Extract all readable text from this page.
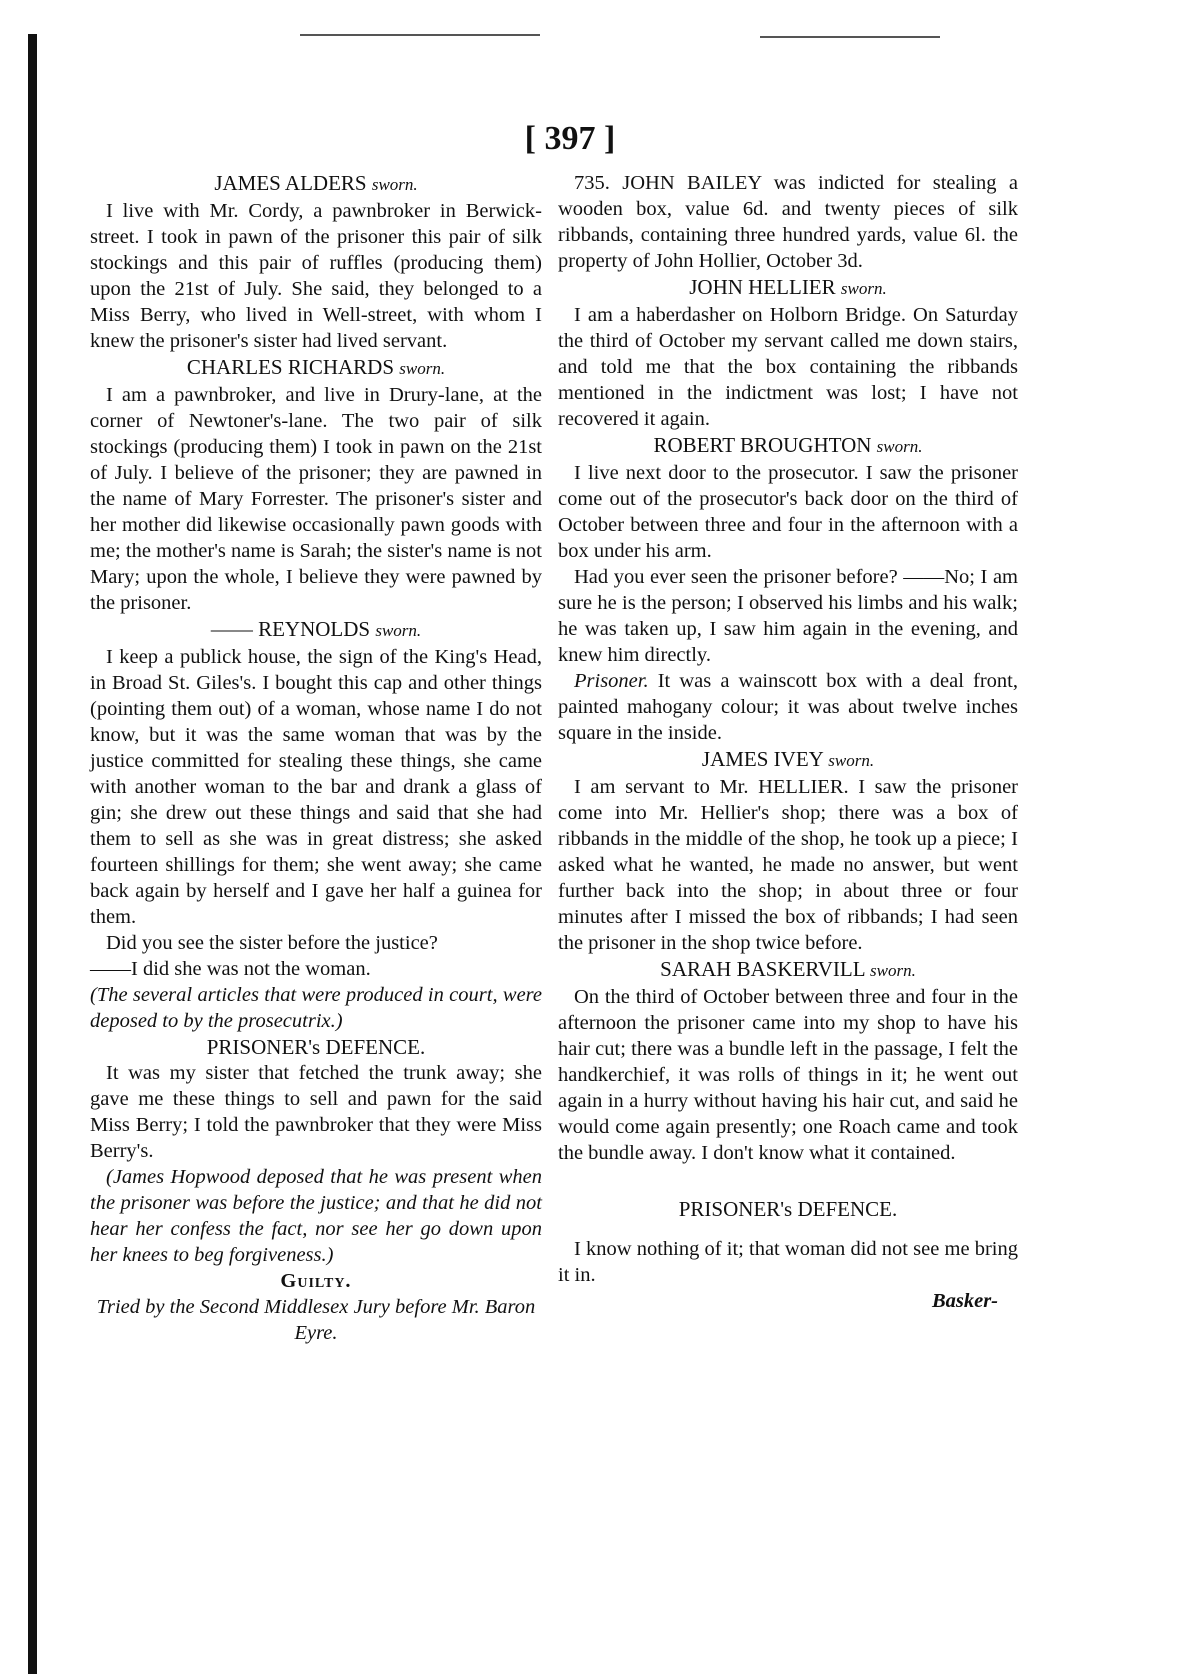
[ 397 ]

JAMES ALDERS sworn.

I live with Mr. Cordy, a pawnbroker in Berwick-street. I took in pawn of the prisoner this pair of silk stockings and this pair of ruffles (producing them) upon the 21st of July. She said, they belonged to a Miss Berry, who lived in Well-street, with whom I knew the prisoner's sister had lived servant.

CHARLES RICHARDS sworn.

I am a pawnbroker, and live in Drury-lane, at the corner of Newtoner's-lane. The two pair of silk stockings (producing them) I took in pawn on the 21st of July. I believe of the prisoner; they are pawned in the name of Mary Forrester. The prisoner's sister and her mother did likewise occasionally pawn goods with me; the mother's name is Sarah; the sister's name is not Mary; upon the whole, I believe they were pawned by the prisoner.

—— REYNOLDS sworn.

I keep a publick house, the sign of the King's Head, in Broad St. Giles's. I bought this cap and other things (pointing them out) of a woman, whose name I do not know, but it was the same woman that was by the justice committed for stealing these things, she came with another woman to the bar and drank a glass of gin; she drew out these things and said that she had them to sell as she was in great distress; she asked fourteen shillings for them; she went away; she came back again by herself and I gave her half a guinea for them.

Did you see the sister before the justice?

——I did she was not the woman.

(The several articles that were produced in court, were deposed to by the prosecutrix.)

PRISONER's DEFENCE.

It was my sister that fetched the trunk away; she gave me these things to sell and pawn for the said Miss Berry; I told the pawnbroker that they were Miss Berry's.

(James Hopwood deposed that he was present when the prisoner was before the justice; and that he did not hear her confess the fact, nor see her go down upon her knees to beg forgiveness.)

Guilty.

Tried by the Second Middlesex Jury before Mr. Baron Eyre.

735. JOHN BAILEY was indicted for stealing a wooden box, value 6d. and twenty pieces of silk ribbands, containing three hundred yards, value 6l. the property of John Hollier, October 3d.

JOHN HELLIER sworn.

I am a haberdasher on Holborn Bridge. On Saturday the third of October my servant called me down stairs, and told me that the box containing the ribbands mentioned in the indictment was lost; I have not recovered it again.

ROBERT BROUGHTON sworn.

I live next door to the prosecutor. I saw the prisoner come out of the prosecutor's back door on the third of October between three and four in the afternoon with a box under his arm.

Had you ever seen the prisoner before? ——No; I am sure he is the person; I observed his limbs and his walk; he was taken up, I saw him again in the evening, and knew him directly.

Prisoner. It was a wainscott box with a deal front, painted mahogany colour; it was about twelve inches square in the inside.

JAMES IVEY sworn.

I am servant to Mr. HELLIER. I saw the prisoner come into Mr. Hellier's shop; there was a box of ribbands in the middle of the shop, he took up a piece; I asked what he wanted, he made no answer, but went further back into the shop; in about three or four minutes after I missed the box of ribbands; I had seen the prisoner in the shop twice before.

SARAH BASKERVILL sworn.

On the third of October between three and four in the afternoon the prisoner came into my shop to have his hair cut; there was a bundle left in the passage, I felt the handkerchief, it was rolls of things in it; he went out again in a hurry without having his hair cut, and said he would come again presently; one Roach came and took the bundle away. I don't know what it contained.

PRISONER's DEFENCE.

I know nothing of it; that woman did not see me bring it in.

Basker-
